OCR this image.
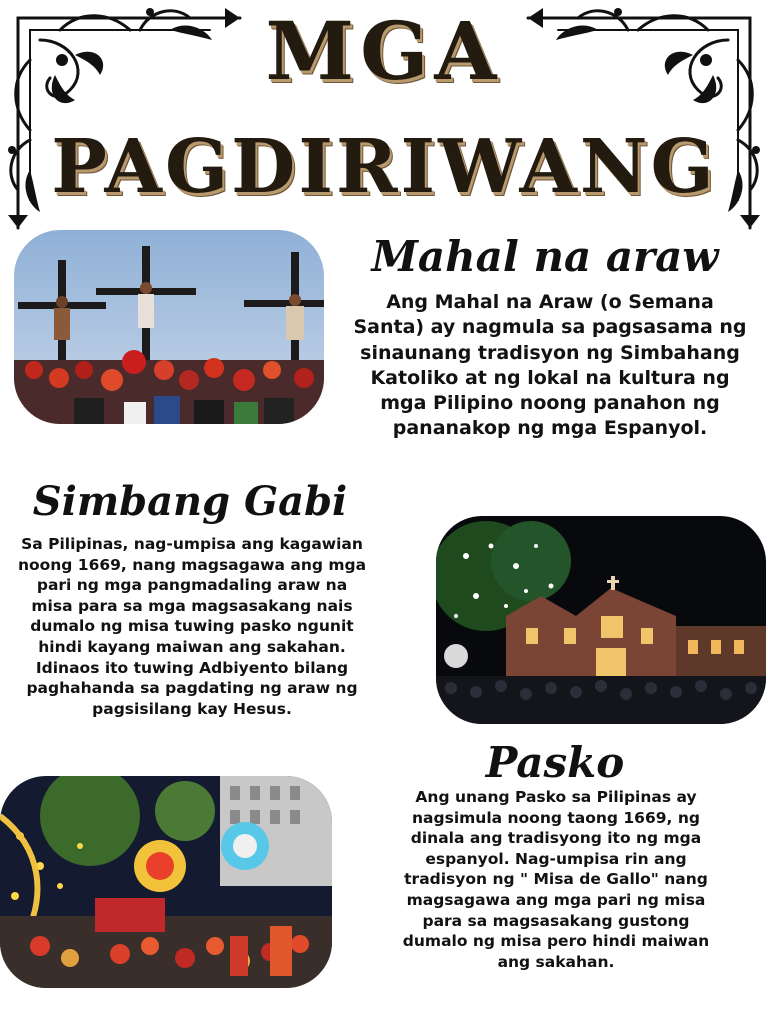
MGA
PAGDIRIWANG
Mahal na araw

Ang Mahal na Araw (o Semana Santa) ay nagmula sa pagsasama ng sinaunang tradisyon ng Simbahang Katoliko at ng lokal na kultura ng mga Pilipino noong panahon ng pananakop ng mga Espanyol.

Simbang Gabi

Sa Pilipinas, nag-umpisa ang kagawian noong 1669, nang magsagawa ang mga pari ng mga pangmadaling araw na misa para sa mga magsasakang nais dumalo ng misa tuwing pasko ngunit hindi kayang maiwan ang sakahan. Idinaos ito tuwing Adbiyento bilang paghahanda sa pagdating ng araw ng pagsisilang kay Hesus.

Pasko

Ang unang Pasko sa Pilipinas ay nagsimula noong taong 1669, ng dinala ang tradisyong ito ng mga espanyol. Nag-umpisa rin ang tradisyon ng " Misa de Gallo" nang magsagawa ang mga pari ng misa para sa magsasakang gustong dumalo ng misa pero hindi maiwan ang sakahan.
